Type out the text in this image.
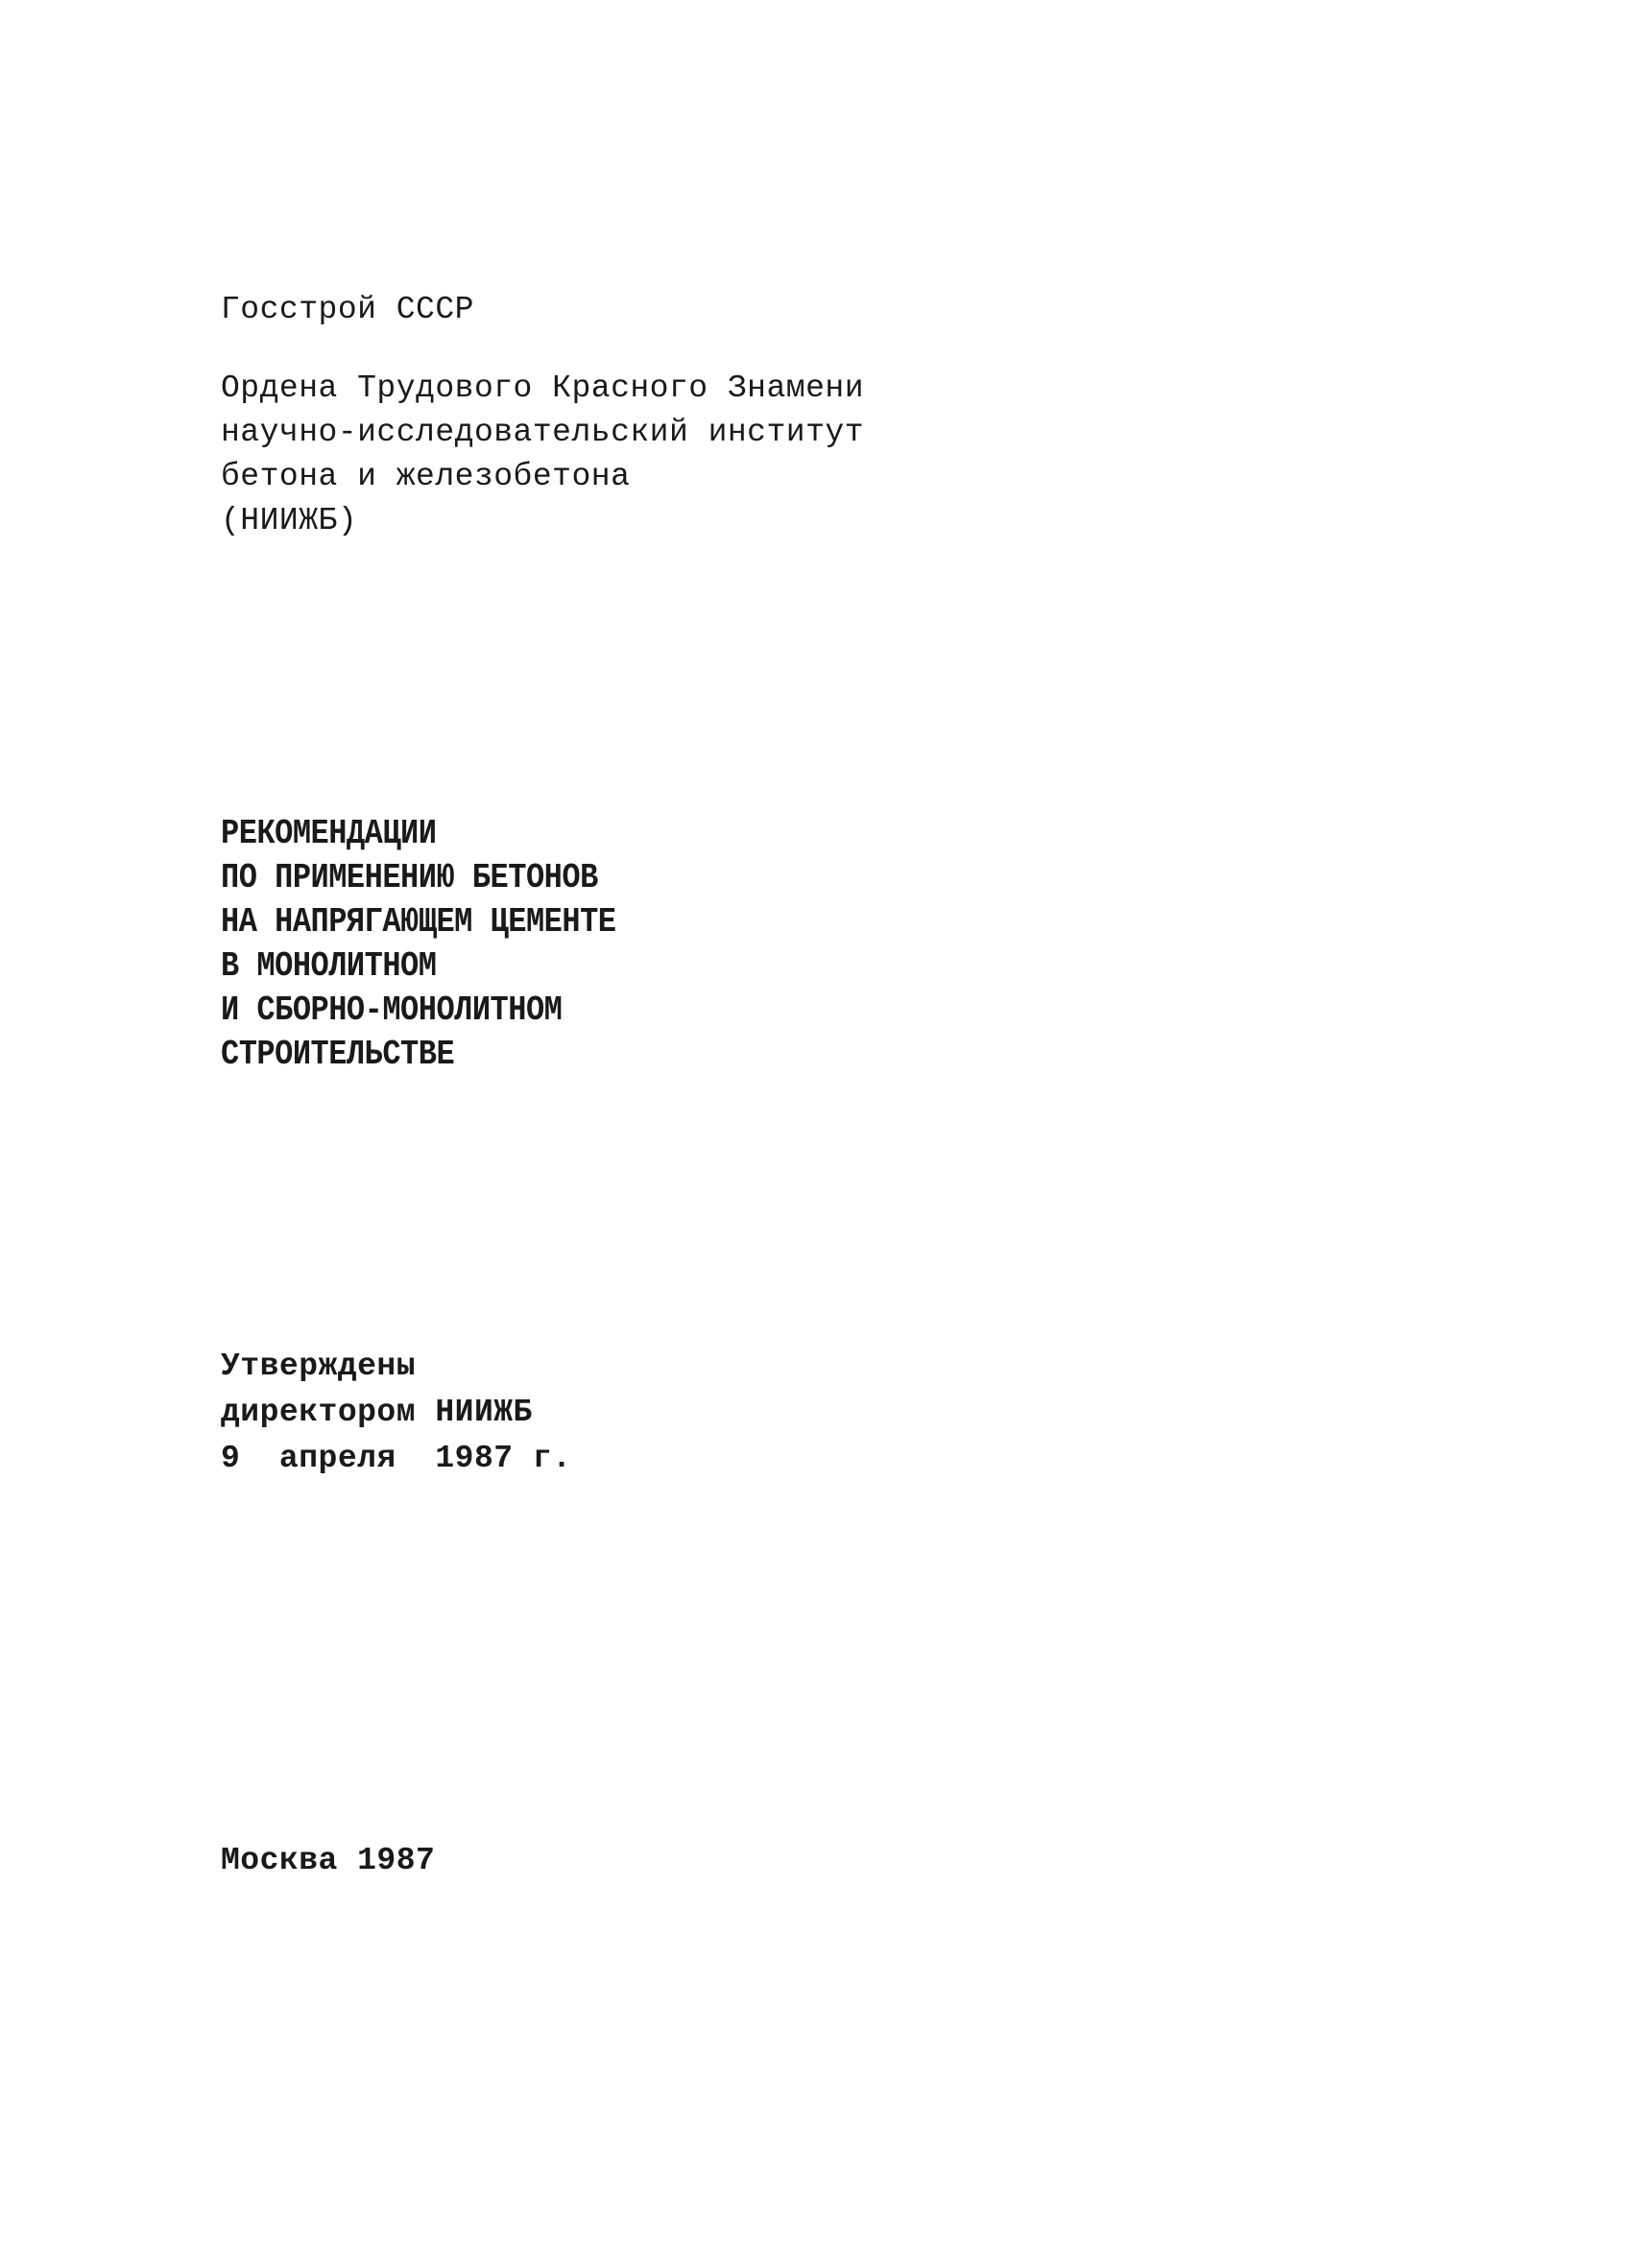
Госстрой СССР
Ордена Трудового Красного Знамени
научно-исследовательский институт
бетона и железобетона
(НИИЖБ)
РЕКОМЕНДАЦИИ
ПО ПРИМЕНЕНИЮ БЕТОНОВ
НА НАПРЯГАЮЩЕМ ЦЕМЕНТЕ
В МОНОЛИТНОМ
И СБОРНО-МОНОЛИТНОМ
СТРОИТЕЛЬСТВЕ
Утверждены
директором НИИЖБ
9  апреля  1987 г.
Москва 1987
